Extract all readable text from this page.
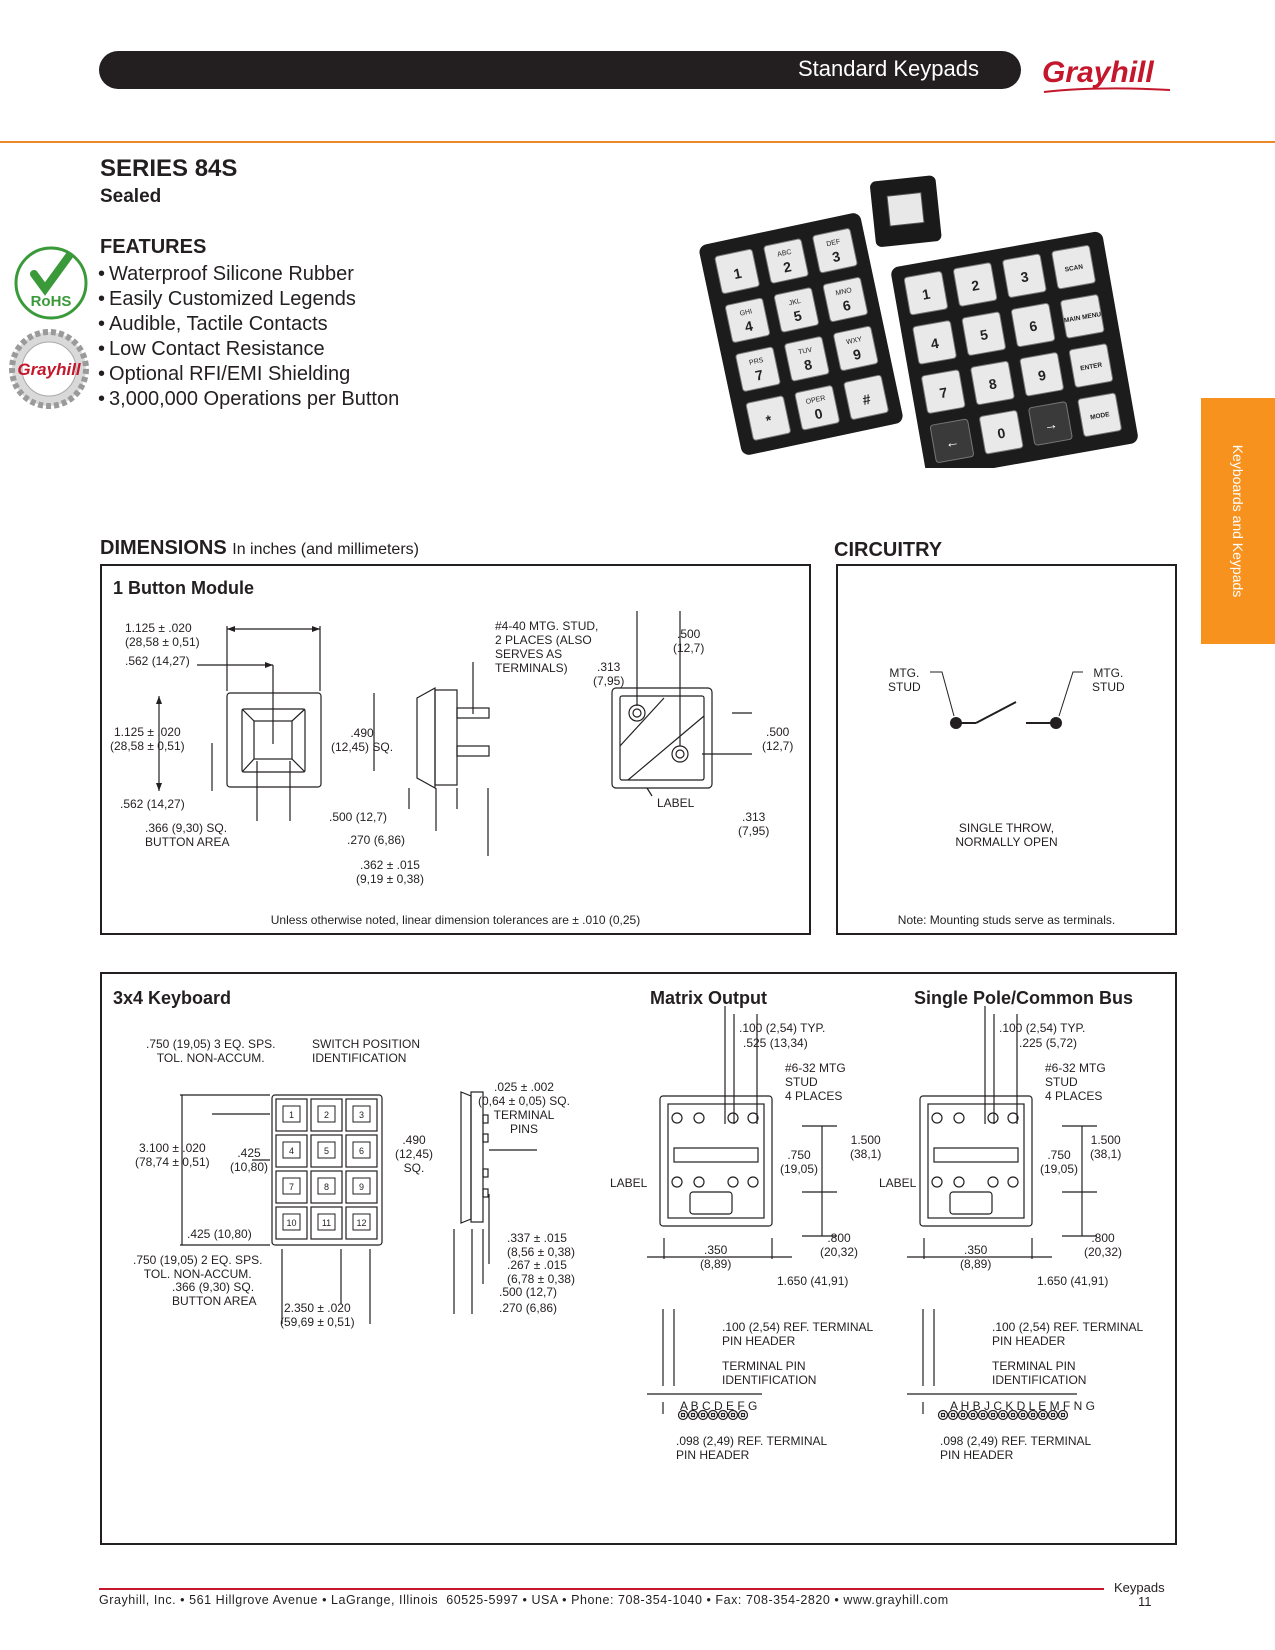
Standard Keypads Grayhill
Keyboards and Keypads
SERIES 84S
Sealed
FEATURES
• Waterproof Silicone Rubber
• Easily Customized Legends
• Audible, Tactile Contacts
• Low Contact Resistance
• Optional RFI/EMI Shielding
• 3,000,000 Operations per Button
RoHS
Grayhill
1
ABC
2
DEF
3
GHI
4
JKL
5
MNO
6
PRS
7
TUV
8
WXY
9
*
OPER
0
#
1
2
3	SCAN
4
5
6	MAIN MENU
7
8
9	ENTER
←	0	→	MODE
DIMENSIONS In inches (and millimeters)	CIRCUITRY
1 Button Module
1.125 ± .020
(28,58 ± 0,51)
.562 (14,27)
1.125 ± .020
(28,58 ± 0,51)
.562 (14,27)
.366 (9,30) SQ.
BUTTON AREA
#4-40 MTG. STUD,
2 PLACES (ALSO
SERVES AS
TERMINALS)
.490
(12,45) SQ.
.500 (12,7)
.270 (6,86)
.362 ± .015
(9,19 ± 0,38)
.313
(7,95)
.500
(12,7)
.500
(12,7)
LABEL
.313
(7,95)
Unless otherwise noted, linear dimension tolerances are ± .010 (0,25)
MTG.
STUD
MTG.
STUD
SINGLE THROW,
NORMALLY OPEN
Note: Mounting studs serve as terminals.
3x4 Keyboard	Matrix Output	Single Pole/Common Bus
1	2	3
4	5	6
7	8	9
10	11	12
.750 (19,05) 3 EQ. SPS.
TOL. NON-ACCUM.
SWITCH POSITION
IDENTIFICATION
3.100 ± .020
(78,74 ± 0,51)
.425
(10,80)
.425 (10,80)
.750 (19,05) 2 EQ. SPS.
TOL. NON-ACCUM.
.366 (9,30) SQ.
BUTTON AREA	2.350 ± .020
(59,69 ± 0,51)
.025 ± .002
(0,64 ± 0,05) SQ.
TERMINAL
PINS
.490
(12,45)
SQ.
.337 ± .015
(8,56 ± 0,38)
.267 ± .015
(6,78 ± 0,38)
.500 (12,7)
.270 (6,86)
.100 (2,54) TYP.
.525 (13,34)
#6-32 MTG
STUD
4 PLACES
1.500
(38,1)
.750
(19,05)
LABEL
.800
(20,32)
.350
(8,89)
1.650 (41,91)
.100 (2,54) REF. TERMINAL
PIN HEADER
TERMINAL PIN
IDENTIFICATION
A B C D E F G
.098 (2,49) REF. TERMINAL
PIN HEADER
.100 (2,54) TYP.
.225 (5,72)
#6-32 MTG
STUD
4 PLACES
1.500
(38,1)
.750
(19,05)
LABEL
.800
(20,32)
.350
(8,89)
1.650 (41,91)
.100 (2,54) REF. TERMINAL
PIN HEADER
TERMINAL PIN
IDENTIFICATION
A H B J C K D L E M F N G
.098 (2,49) REF. TERMINAL
PIN HEADER
Grayhill, Inc. • 561 Hillgrove Avenue • LaGrange, Illinois  60525-5997 • USA • Phone: 708-354-1040 • Fax: 708-354-2820 • www.grayhill.com
Keypads
11
